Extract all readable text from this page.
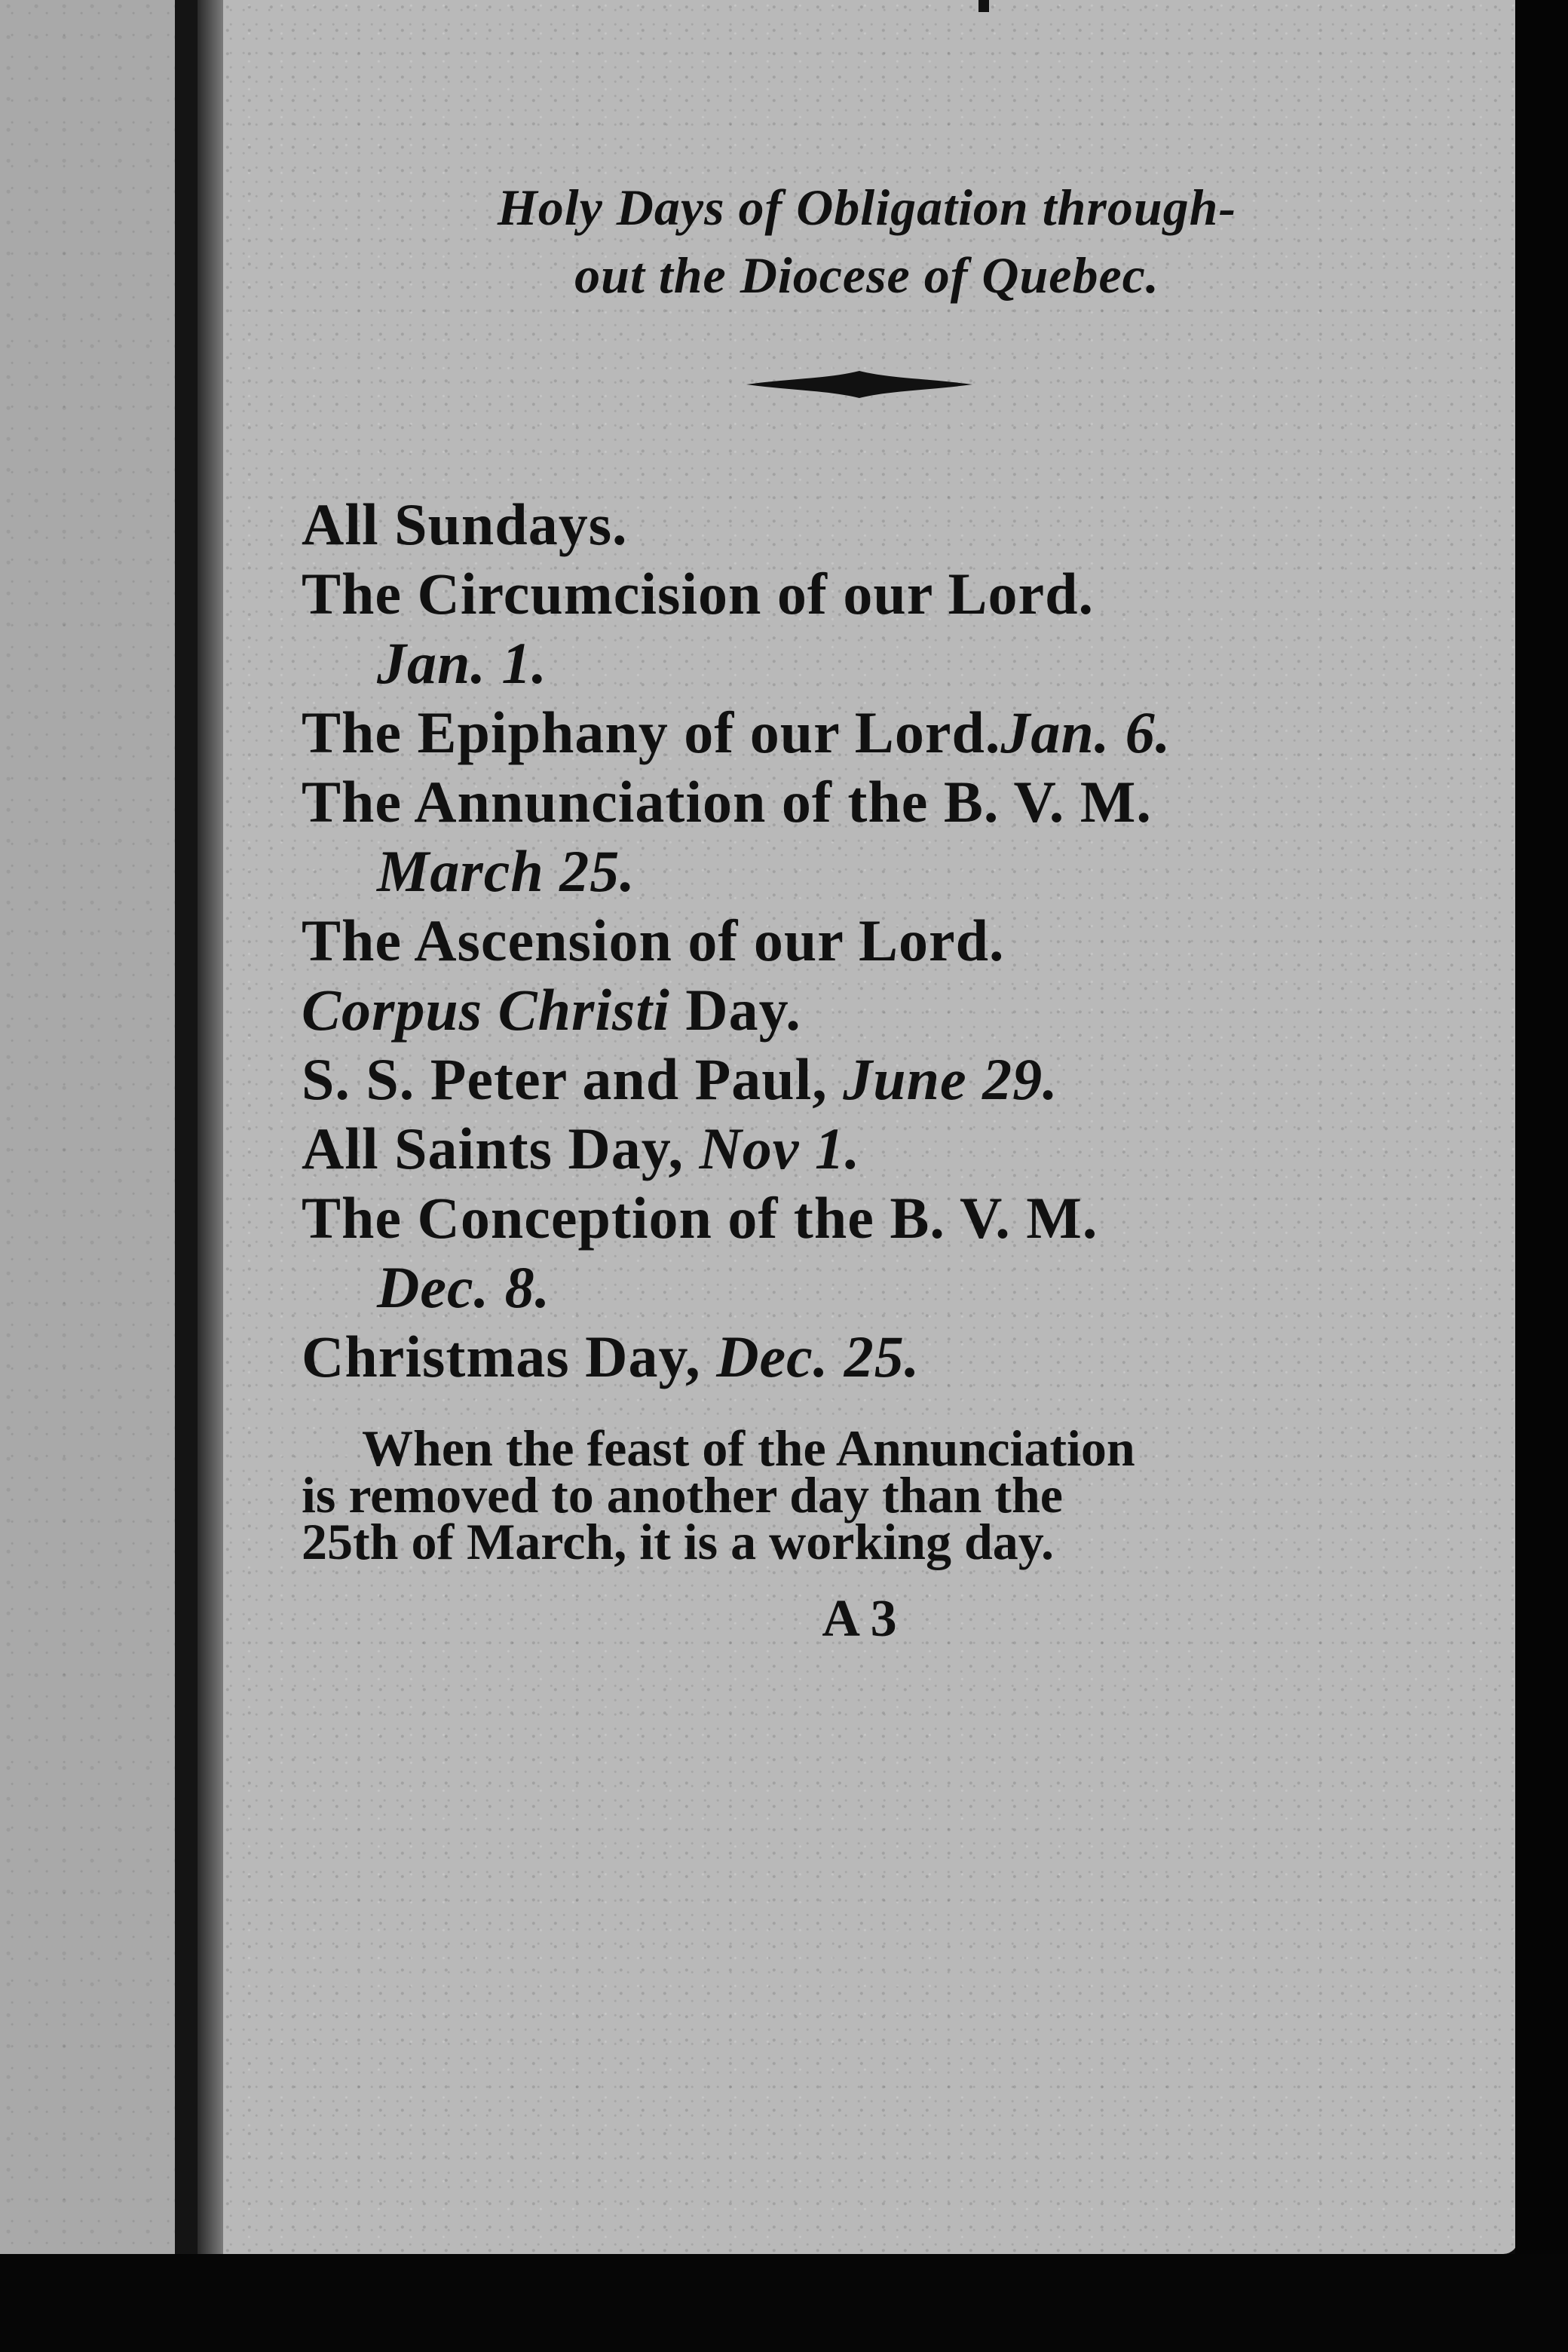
Holy Days of Obligation through-
out the Diocese of Quebec.
All Sundays.
The Circumcision of our Lord.
Jan. 1.
The Epiphany of our Lord.Jan. 6.
The Annunciation of the B. V. M.
March 25.
The Ascension of our Lord.
Corpus Christi Day.
S. S. Peter and Paul, June 29.
All Saints Day, Nov 1.
The Conception of the B. V. M.
Dec. 8.
Christmas Day, Dec. 25.
When the feast of the Annunciation
is removed to another day than the
25th of March, it is a working day.
A 3
